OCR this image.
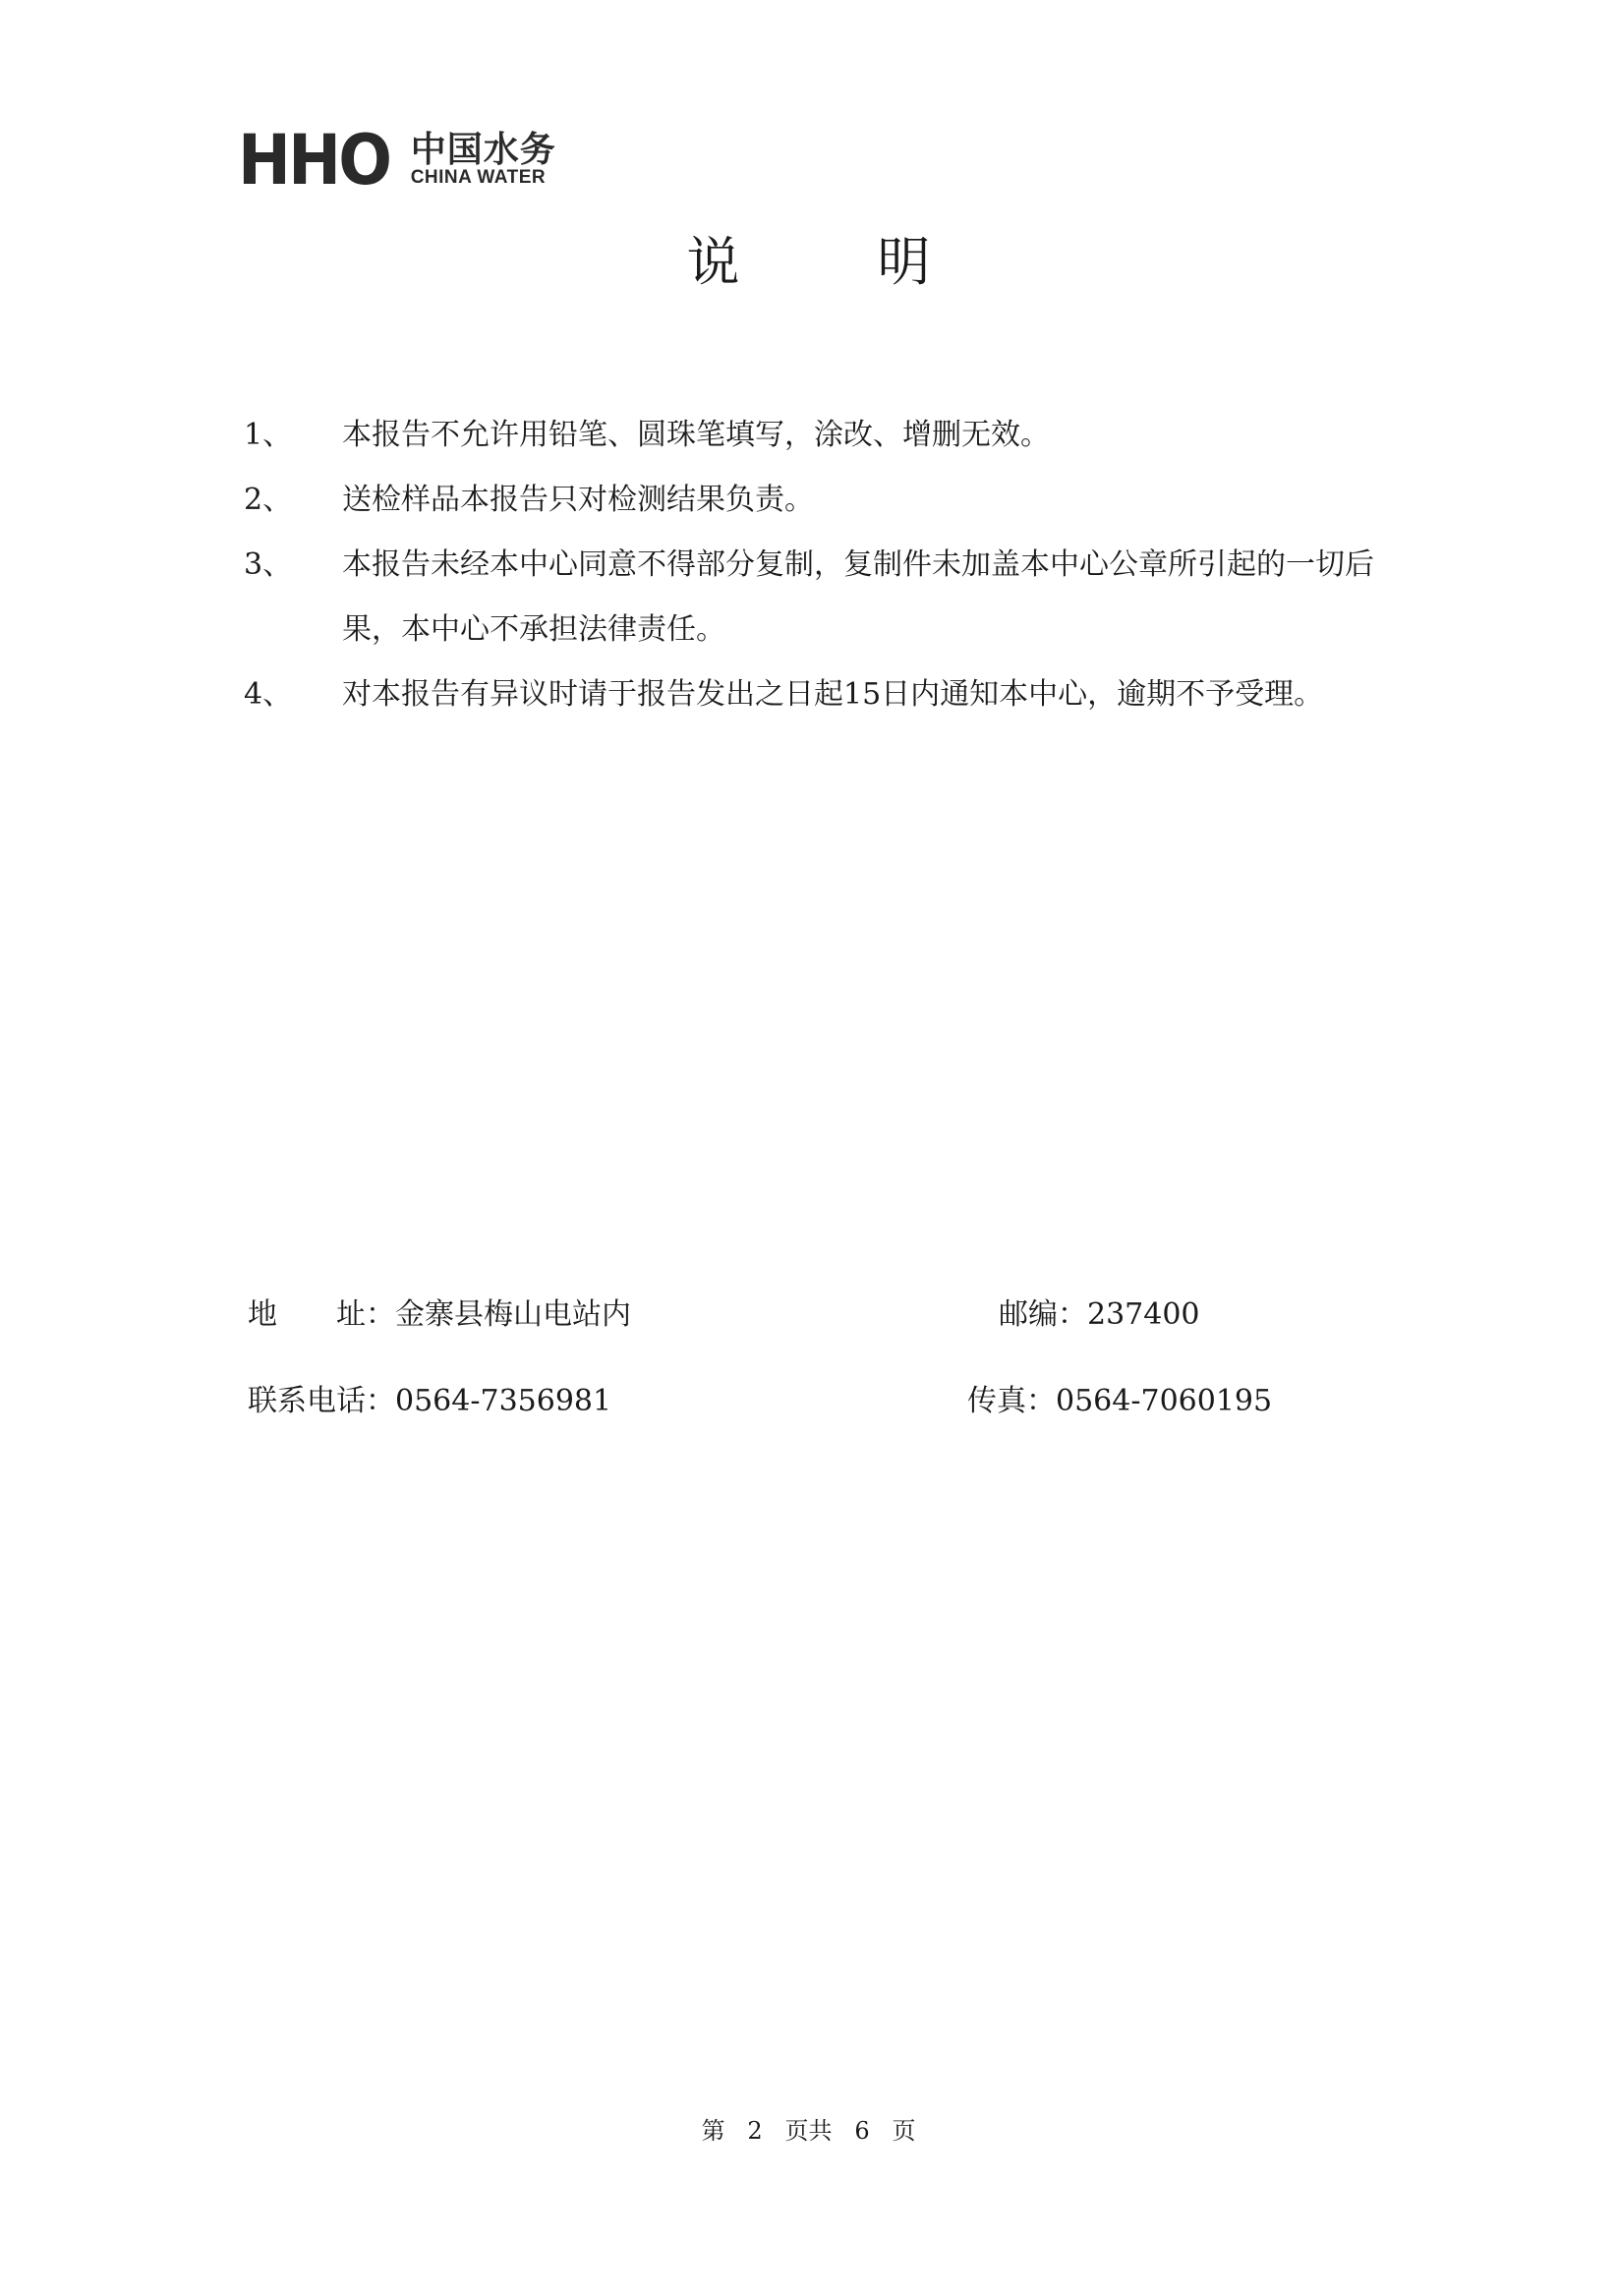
HHO 中国水务
CHINA WATER
说明
1、	本报告不允许用铅笔、圆珠笔填写，涂改、增删无效。
2、	送检样品本报告只对检测结果负责。
3、	本报告未经本中心同意不得部分复制，复制件未加盖本中心公章所引起的一切后果，本中心不承担法律责任。
4、	对本报告有异议时请于报告发出之日起15日内通知本中心，逾期不予受理。
地　　址：金寨县梅山电站内	邮编：237400
联系电话：0564-7356981	传真：0564-7060195
第   2   页共   6   页
